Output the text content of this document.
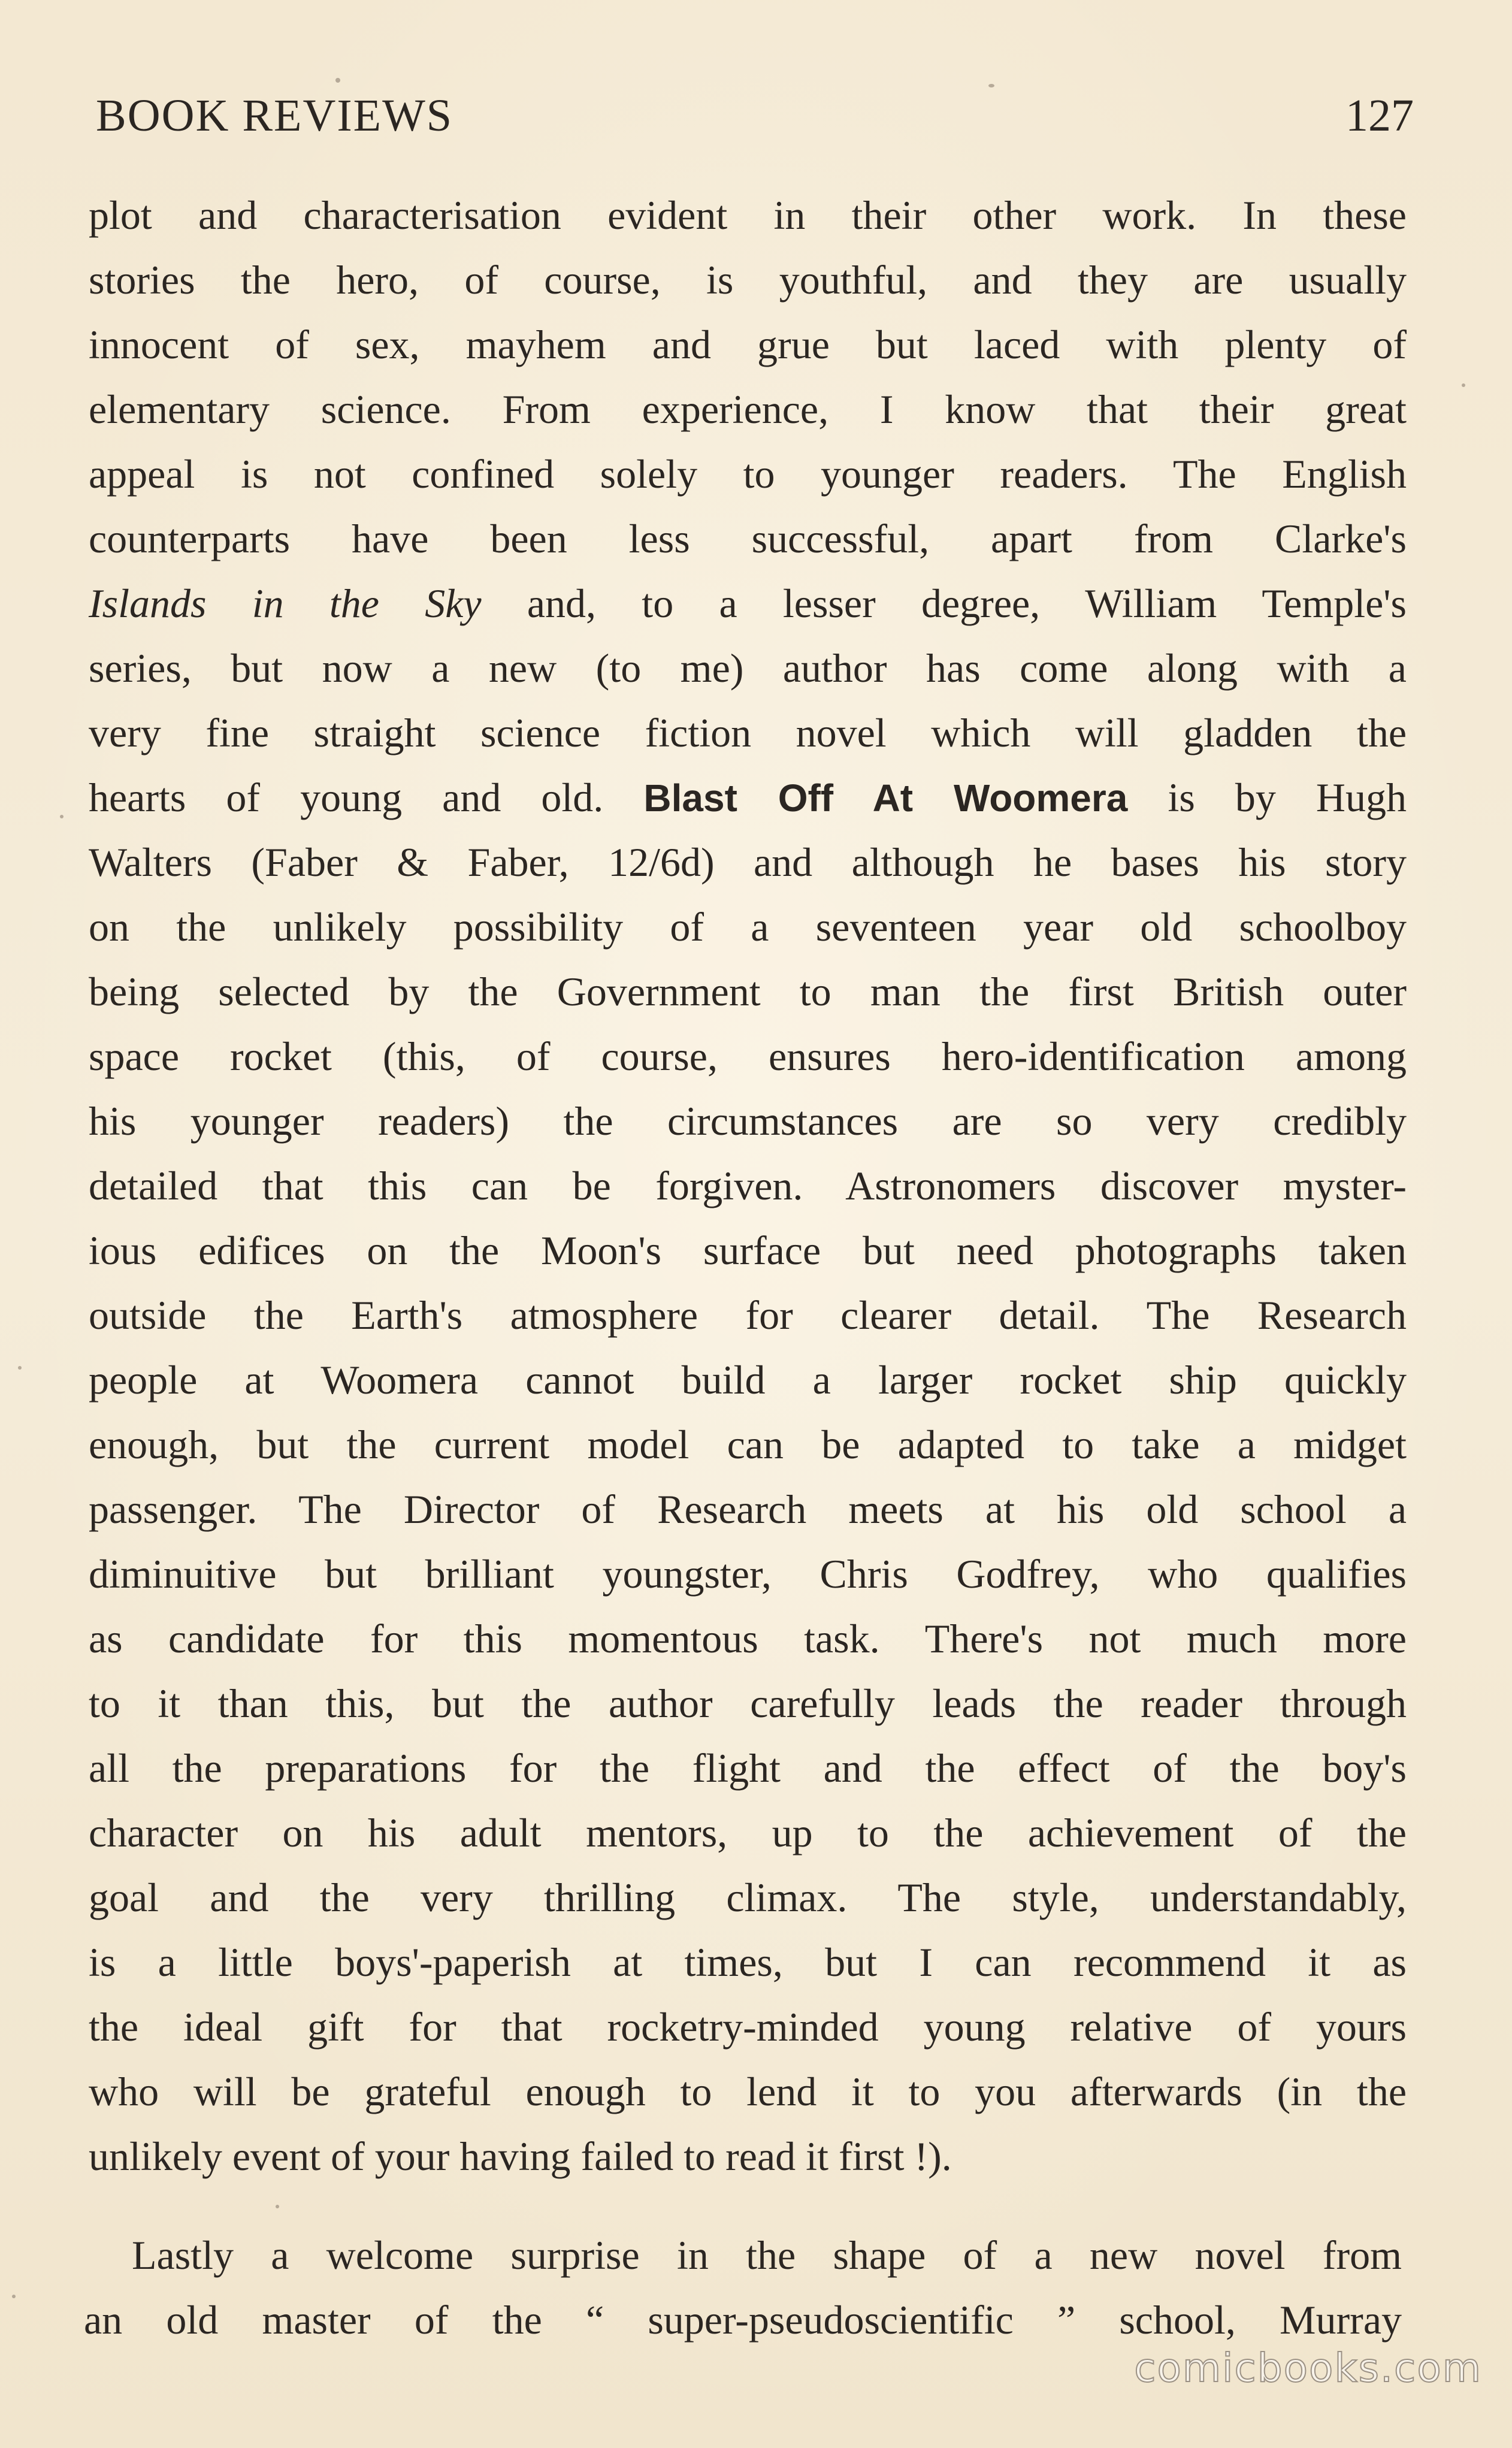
BOOK REVIEWS	127
plot and characterisation evident in their other work. In these
stories the hero, of course, is youthful, and they are usually
innocent of sex, mayhem and grue but laced with plenty of
elementary science. From experience, I know that their great
appeal is not confined solely to younger readers. The English
counterparts have been less successful, apart from Clarke's
Islands in the Sky and, to a lesser degree, William Temple's
series, but now a new (to me) author has come along with a
very fine straight science fiction novel which will gladden the
hearts of young and old. Blast Off At Woomera is by Hugh
Walters (Faber & Faber, 12/6d) and although he bases his story
on the unlikely possibility of a seventeen year old schoolboy
being selected by the Government to man the first British outer
space rocket (this, of course, ensures hero-identification among
his younger readers) the circumstances are so very credibly
detailed that this can be forgiven. Astronomers discover myster-
ious edifices on the Moon's surface but need photographs taken
outside the Earth's atmosphere for clearer detail. The Research
people at Woomera cannot build a larger rocket ship quickly
enough, but the current model can be adapted to take a midget
passenger. The Director of Research meets at his old school a
diminuitive but brilliant youngster, Chris Godfrey, who qualifies
as candidate for this momentous task. There's not much more
to it than this, but the author carefully leads the reader through
all the preparations for the flight and the effect of the boy's
character on his adult mentors, up to the achievement of the
goal and the very thrilling climax. The style, understandably,
is a little boys'-paperish at times, but I can recommend it as
the ideal gift for that rocketry-minded young relative of yours
who will be grateful enough to lend it to you afterwards (in the
unlikely event of your having failed to read it first !).
Lastly a welcome surprise in the shape of a new novel from
an old master of the “ super-pseudoscientific ” school, Murray
comicbooks.com
